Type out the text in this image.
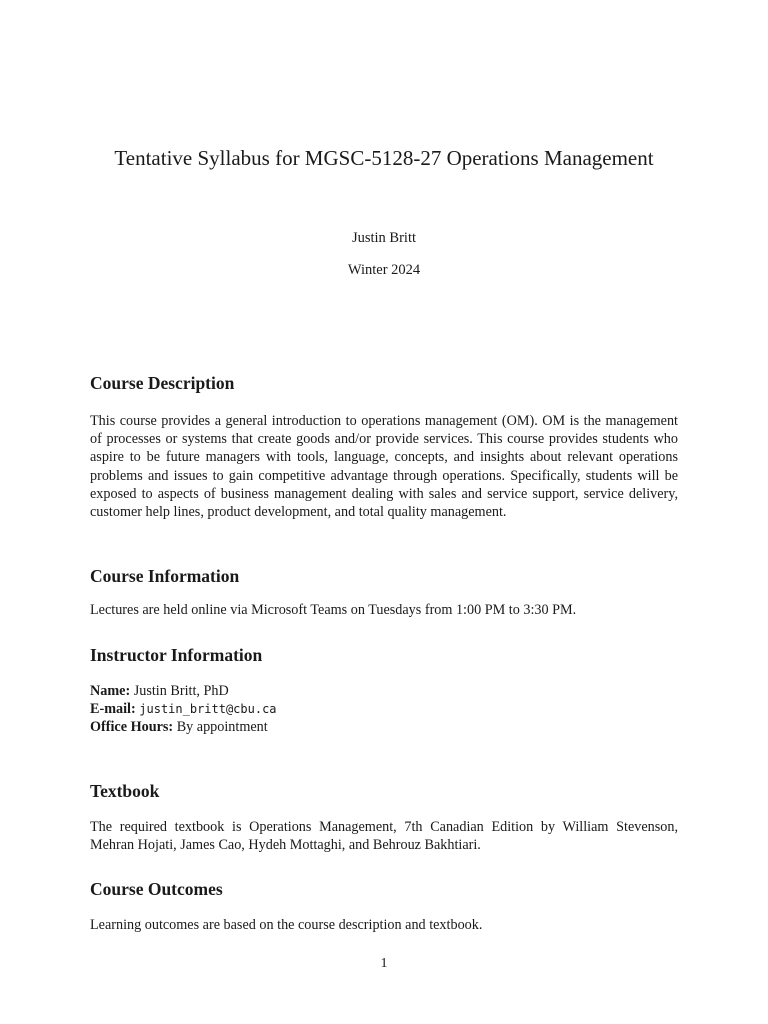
Tentative Syllabus for MGSC-5128-27 Operations Management
Justin Britt
Winter 2024
Course Description
This course provides a general introduction to operations management (OM). OM is the management of processes or systems that create goods and/or provide services. This course provides students who aspire to be future managers with tools, language, concepts, and insights about relevant operations problems and issues to gain competitive advantage through operations. Specifically, students will be exposed to aspects of business management dealing with sales and service support, service delivery, customer help lines, product development, and total quality management.
Course Information
Lectures are held online via Microsoft Teams on Tuesdays from 1:00 PM to 3:30 PM.
Instructor Information
Name: Justin Britt, PhD
E-mail: justin_britt@cbu.ca
Office Hours: By appointment
Textbook
The required textbook is Operations Management, 7th Canadian Edition by William Stevenson, Mehran Hojati, James Cao, Hydeh Mottaghi, and Behrouz Bakhtiari.
Course Outcomes
Learning outcomes are based on the course description and textbook.
1
